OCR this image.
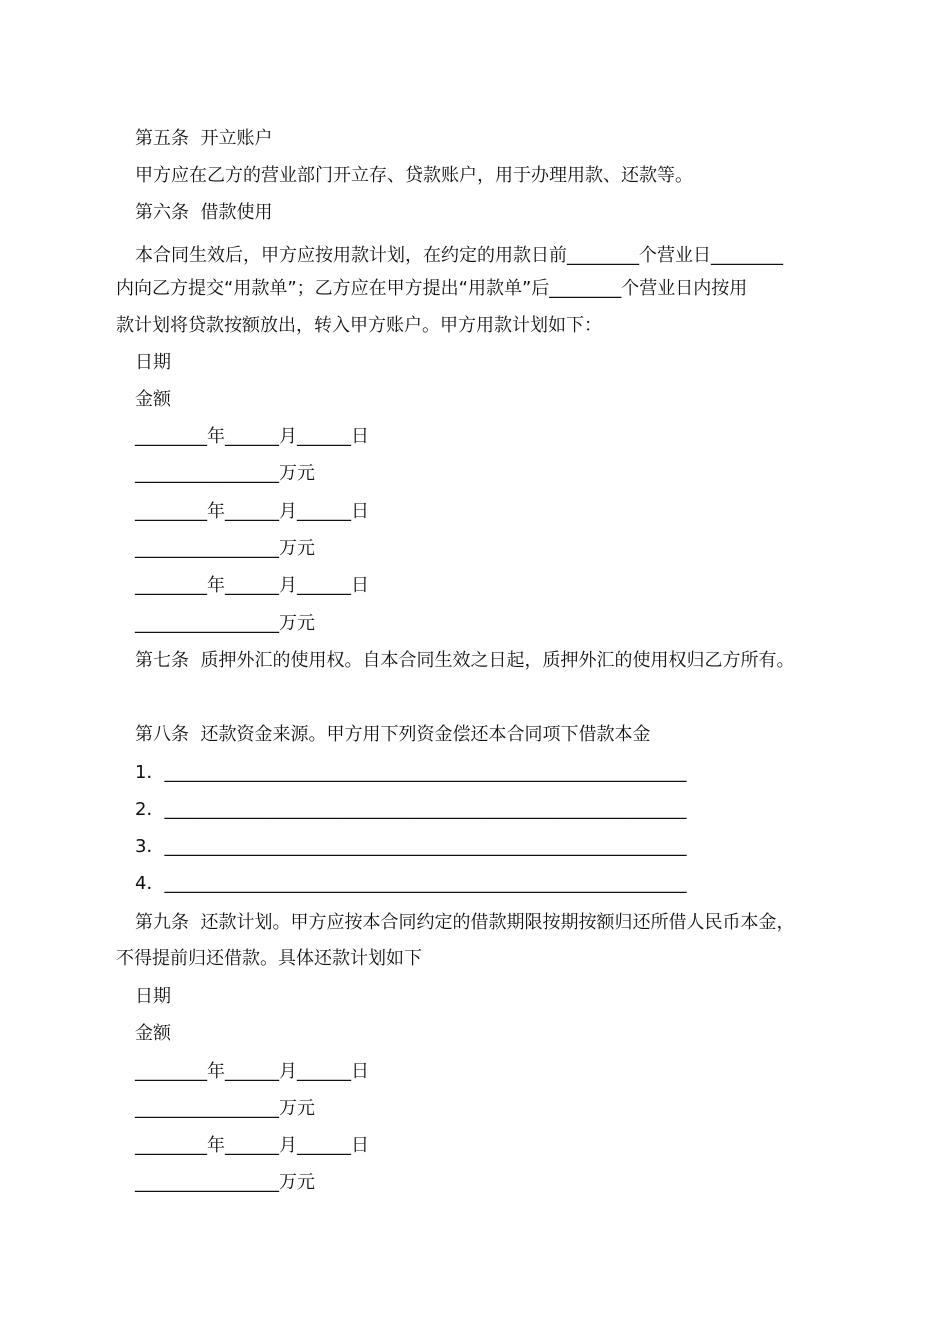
第五条  开立账户

甲方应在乙方的营业部门开立存、贷款账户，用于办理用款、还款等。

第六条  借款使用

本合同生效后，甲方应按用款计划，在约定的用款日前________个营业日________

内向乙方提交“用款单”；乙方应在甲方提出“用款单”后________个营业日内按用

款计划将贷款按额放出，转入甲方账户。甲方用款计划如下：

日期

金额

________年______月______日

________________万元

________年______月______日

________________万元

________年______月______日

________________万元

第七条  质押外汇的使用权。自本合同生效之日起，质押外汇的使用权归乙方所有。

第八条  还款资金来源。甲方用下列资金偿还本合同项下借款本金

1．__________________________________________________________

2．__________________________________________________________

3．__________________________________________________________

4．__________________________________________________________

第九条  还款计划。甲方应按本合同约定的借款期限按期按额归还所借人民币本金，

不得提前归还借款。具体还款计划如下

日期

金额

________年______月______日

________________万元

________年______月______日

________________万元
